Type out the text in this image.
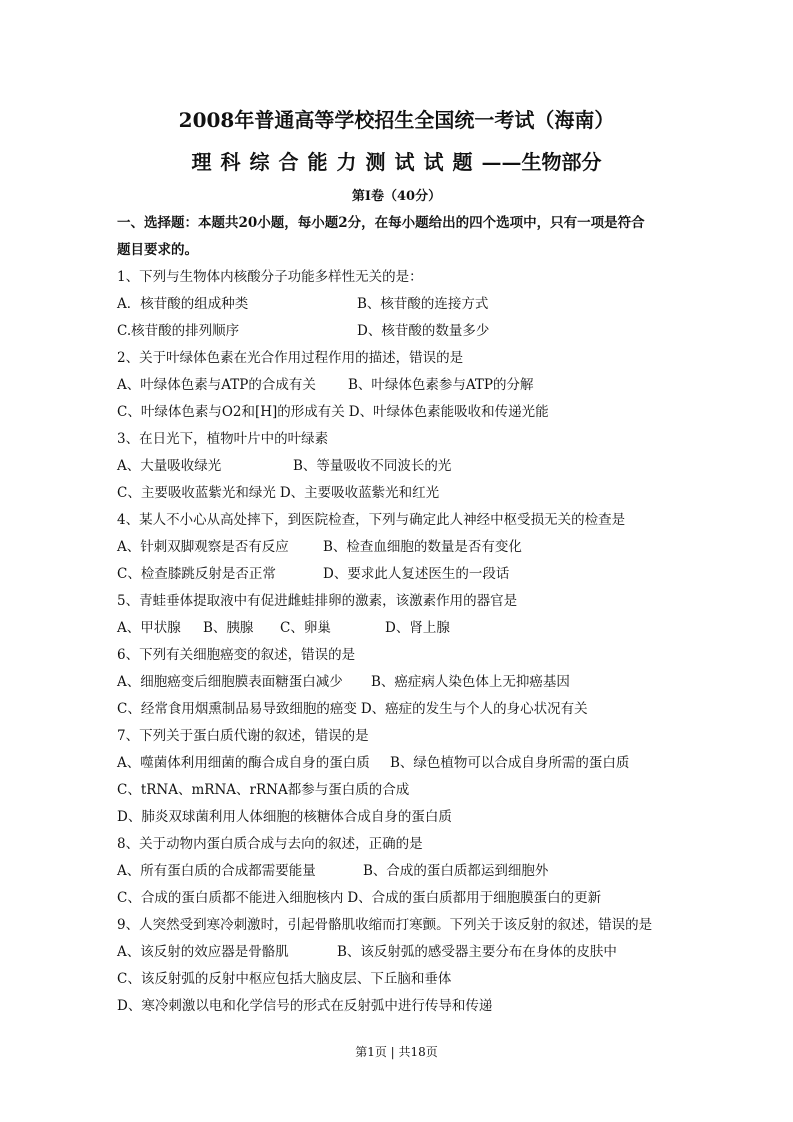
2008年普通高等学校招生全国统一考试（海南）
理科综合能力测试试题——生物部分
第I卷（40分）
一、选择题：本题共20小题，每小题2分，在每小题给出的四个选项中，只有一项是符合
题目要求的。
1、下列与生物体内核酸分子功能多样性无关的是：
A．核苷酸的组成种类	B、核苷酸的连接方式
C.核苷酸的排列顺序	D、核苷酸的数量多少
2、关于叶绿体色素在光合作用过程作用的描述，错误的是
A、叶绿体色素与ATP的合成有关 B、叶绿体色素参与ATP的分解
C、叶绿体色素与O2和[H]的形成有关 D、叶绿体色素能吸收和传递光能
3、在日光下，植物叶片中的叶绿素
A、大量吸收绿光	B、等量吸收不同波长的光
C、主要吸收蓝紫光和绿光 D、主要吸收蓝紫光和红光
4、某人不小心从高处摔下，到医院检查，下列与确定此人神经中枢受损无关的检查是
A、针刺双脚观察是否有反应	B、检查血细胞的数量是否有变化
C、检查膝跳反射是否正常	D、要求此人复述医生的一段话
5、青蛙垂体提取液中有促进雌蛙排卵的激素，该激素作用的器官是
A、甲状腺 B、胰腺 C、卵巢	D、肾上腺
6、下列有关细胞癌变的叙述，错误的是
A、细胞癌变后细胞膜表面糖蛋白减少 B、癌症病人染色体上无抑癌基因
C、经常食用烟熏制品易导致细胞的癌变 D、癌症的发生与个人的身心状况有关
7、下列关于蛋白质代谢的叙述，错误的是
A、噬菌体利用细菌的酶合成自身的蛋白质 B、绿色植物可以合成自身所需的蛋白质
C、tRNA、mRNA、rRNA都参与蛋白质的合成
D、肺炎双球菌利用人体细胞的核糖体合成自身的蛋白质
8、关于动物内蛋白质合成与去向的叙述，正确的是
A、所有蛋白质的合成都需要能量	B、合成的蛋白质都运到细胞外
C、合成的蛋白质都不能进入细胞核内 D、合成的蛋白质都用于细胞膜蛋白的更新
9、人突然受到寒冷刺激时，引起骨骼肌收缩而打寒颤。下列关于该反射的叙述，错误的是
A、该反射的效应器是骨骼肌	B、该反射弧的感受器主要分布在身体的皮肤中
C、该反射弧的反射中枢应包括大脑皮层、下丘脑和垂体
D、寒冷刺激以电和化学信号的形式在反射弧中进行传导和传递
第1页 | 共18页
